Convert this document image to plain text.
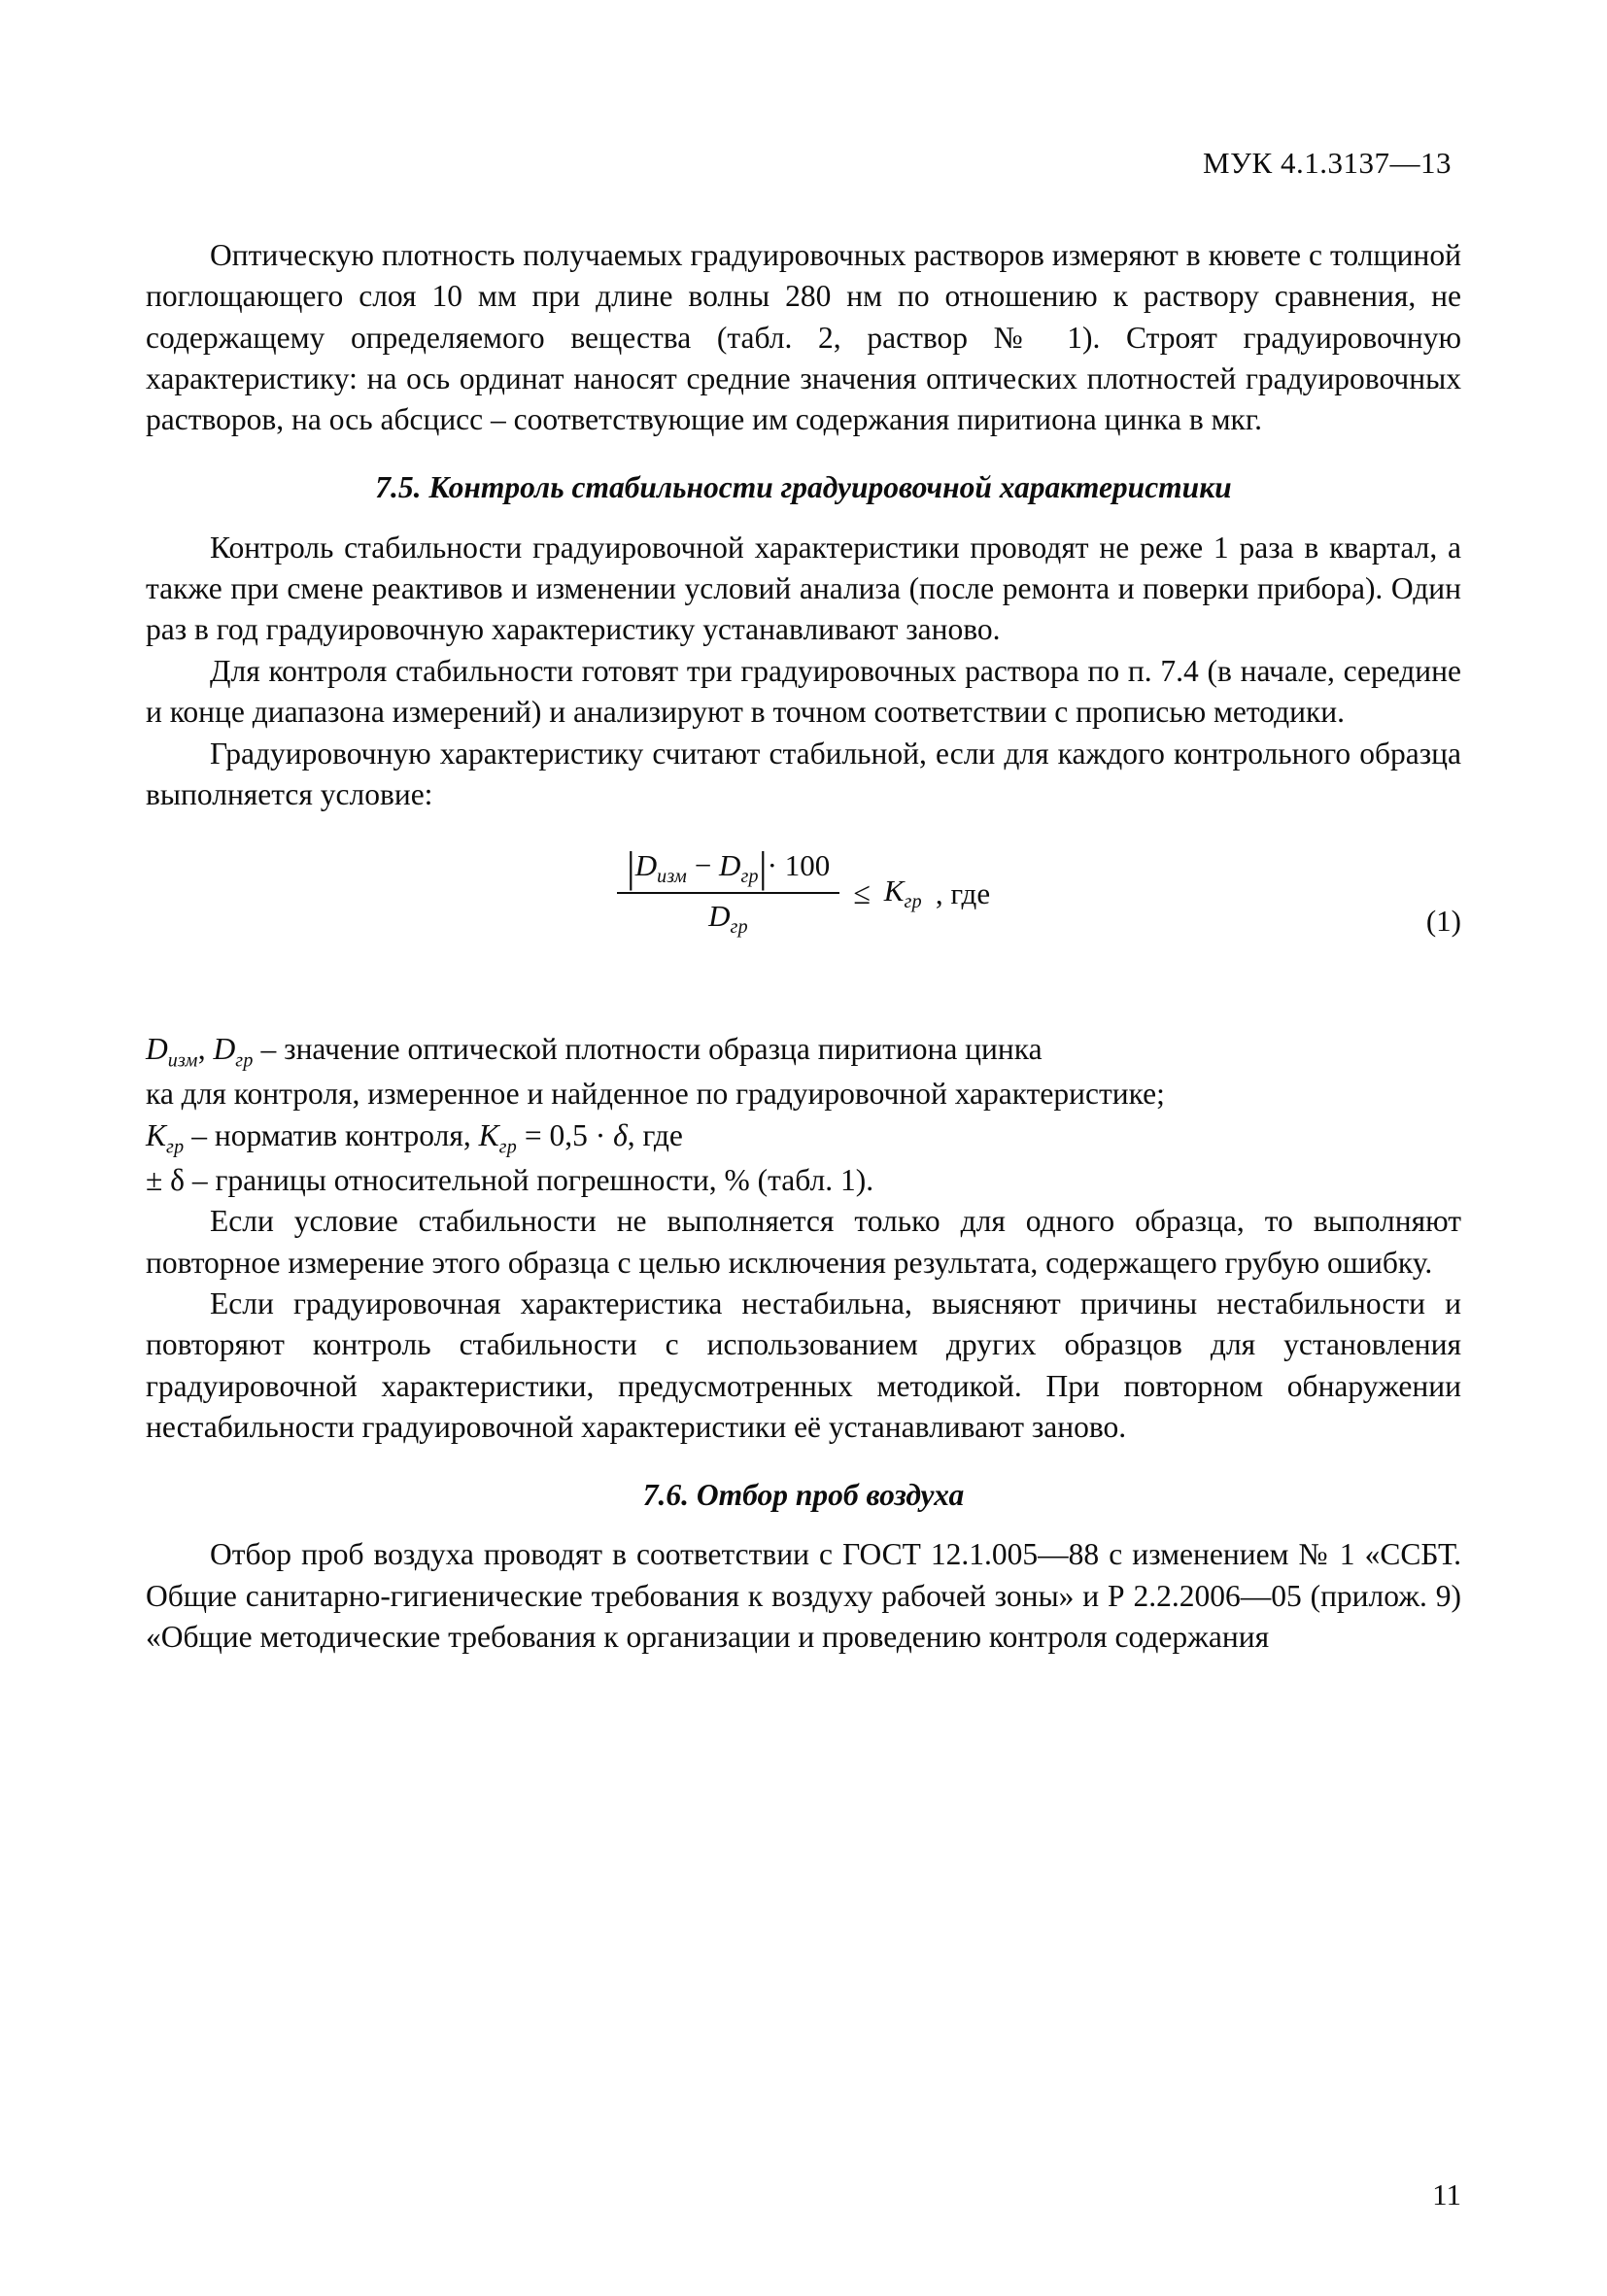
МУК 4.1.3137—13

Оптическую плотность получаемых градуировочных растворов измеряют в кювете с толщиной поглощающего слоя 10 мм при длине волны 280 нм по отношению к раствору сравнения, не содержащему определяемого вещества (табл. 2, раствор № 1). Строят градуировочную характеристику: на ось ординат наносят средние значения оптических плотностей градуировочных растворов, на ось абсцисс – соответствующие им содержания пиритиона цинка в мкг.

7.5. Контроль стабильности градуировочной характеристики

Контроль стабильности градуировочной характеристики проводят не реже 1 раза в квартал, а также при смене реактивов и изменении условий анализа (после ремонта и поверки прибора). Один раз в год градуировочную характеристику устанавливают заново.

Для контроля стабильности готовят три градуировочных раствора по п. 7.4 (в начале, середине и конце диапазона измерений) и анализируют в точном соответствии с прописью методики.

Градуировочную характеристику считают стабильной, если для каждого контрольного образца выполняется условие:

$\frac{|D_{изм} - D_{гр}|\cdot 100}{D_{гр}} \le K_{гр}$ , где
(1)

$D_{изм}$, $D_{гр}$ – значение оптической плотности образца пиритиона цинка

ка для контроля, измеренное и найденное по градуировочной характеристике;

$K_{гр}$ – норматив контроля, $K_{гр} = 0,5 \cdot \delta$, где

± δ – границы относительной погрешности, % (табл. 1).

Если условие стабильности не выполняется только для одного образца, то выполняют повторное измерение этого образца с целью исключения результата, содержащего грубую ошибку.

Если градуировочная характеристика нестабильна, выясняют причины нестабильности и повторяют контроль стабильности с использованием других образцов для установления градуировочной характеристики, предусмотренных методикой. При повторном обнаружении нестабильности градуировочной характеристики её устанавливают заново.

7.6. Отбор проб воздуха

Отбор проб воздуха проводят в соответствии с ГОСТ 12.1.005—88 с изменением № 1 «ССБТ. Общие санитарно-гигиенические требования к воздуху рабочей зоны» и Р 2.2.2006—05 (прилож. 9) «Общие методические требования к организации и проведению контроля содержания

11
